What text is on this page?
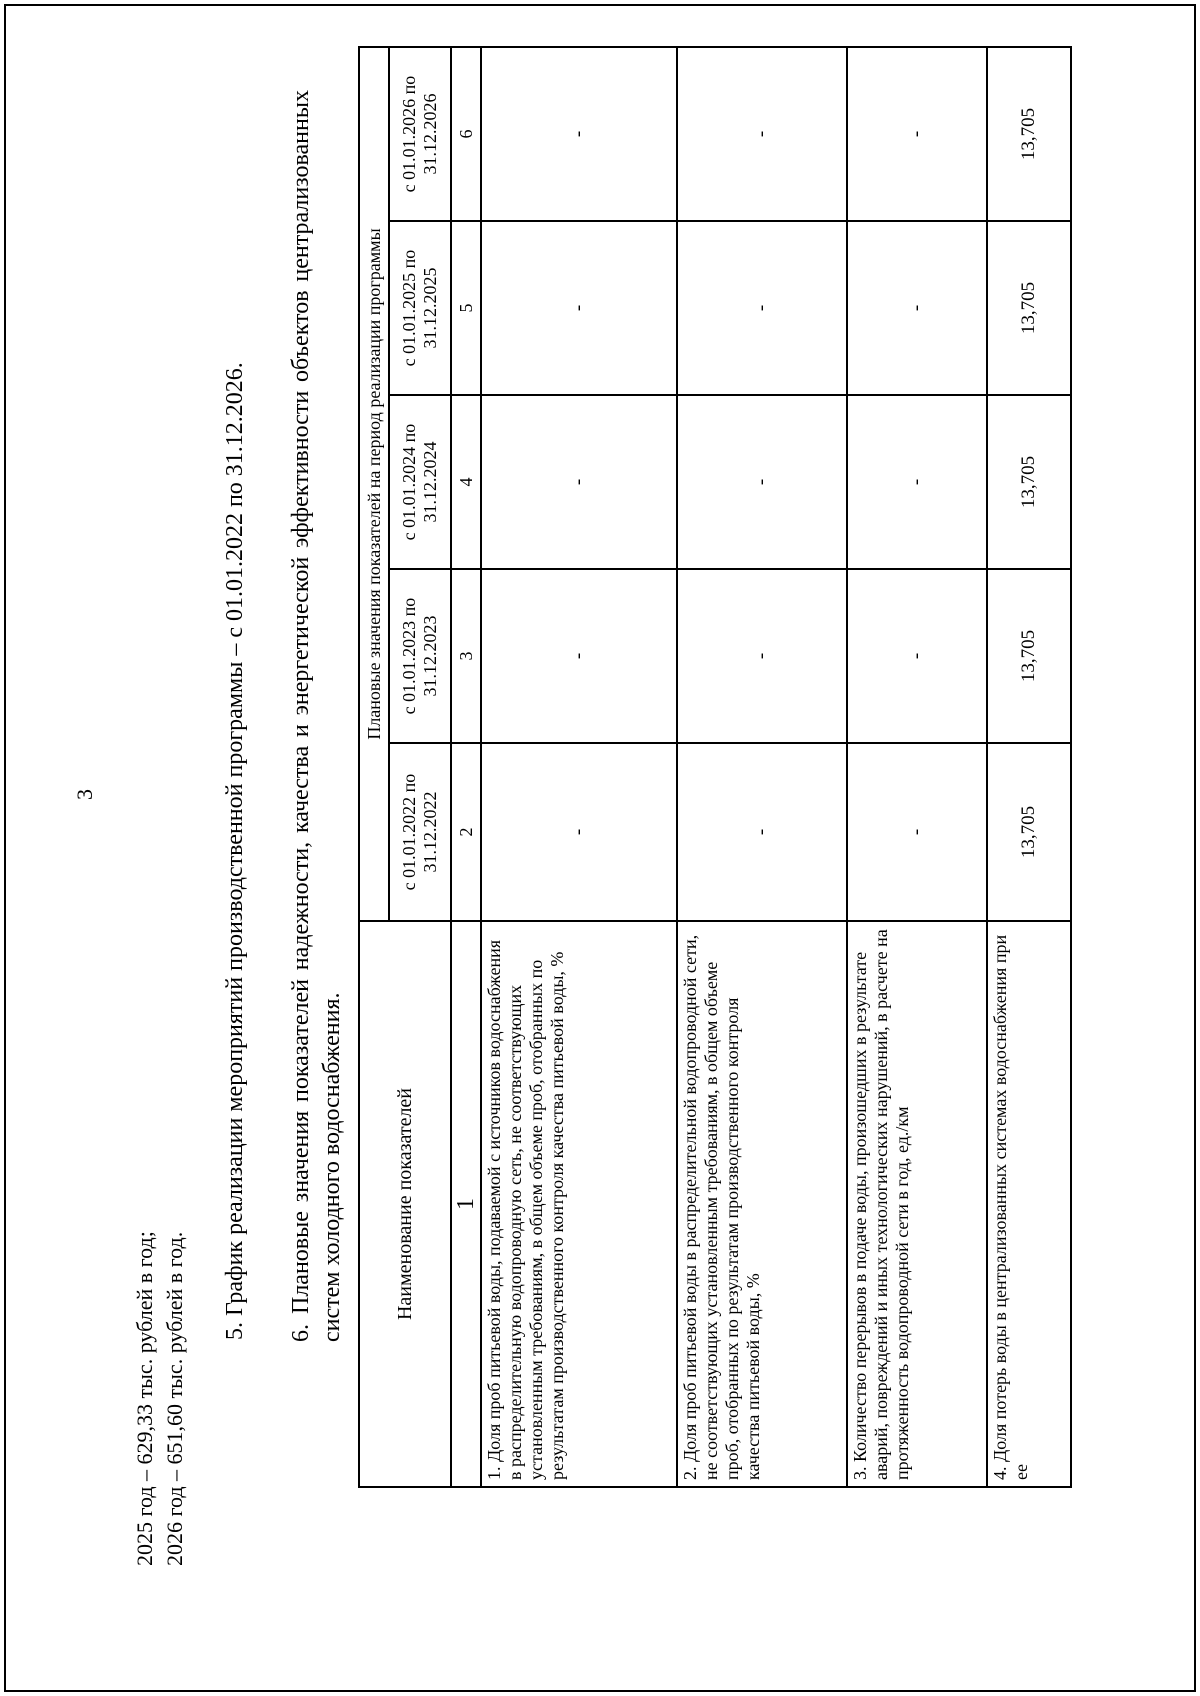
3
2025 год – 629,33 тыс. рублей в год; 2026 год – 651,60 тыс. рублей в год.
5. График реализации мероприятий производственной программы – с 01.01.2022 по 31.12.2026. 6.Плановые значения показателей надежности, качества и энергетической эффективности объектов централизованных систем холодного водоснабжения. Наименование показателей	Плановые значения показателей на период реализации программы				
	с 01.01.2022 по 31.12.2022	с 01.01.2023 по 31.12.2023	с 01.01.2024 по 31.12.2024	с 01.01.2025 по 31.12.2025	с 01.01.2026 по 31.12.2026
1	2	3	4	5	6
1. Доля проб питьевой воды, подаваемой с источников водоснабжения в распределительную водопроводную сеть, не соответствующих установленным требованиям, в общем объеме проб, отобранных по результатам производственного контроля качества питьевой воды, %	-	-	-	-	-
2. Доля проб питьевой воды в распределительной водопроводной сети, не соответствующих установленным требованиям, в общем объеме проб, отобранных по результатам производственного контроля качества питьевой воды, %	-	-	-	-	-
3. Количество перерывов в подаче воды, произошедших в результате аварий, повреждений и иных технологических нарушений, в расчете на протяженность водопроводной сети в год, ед./км	-	-	-	-	-
4. Доля потерь воды в централизованных системах водоснабжения при ее	13,705	13,705	13,705	13,705	13,705
